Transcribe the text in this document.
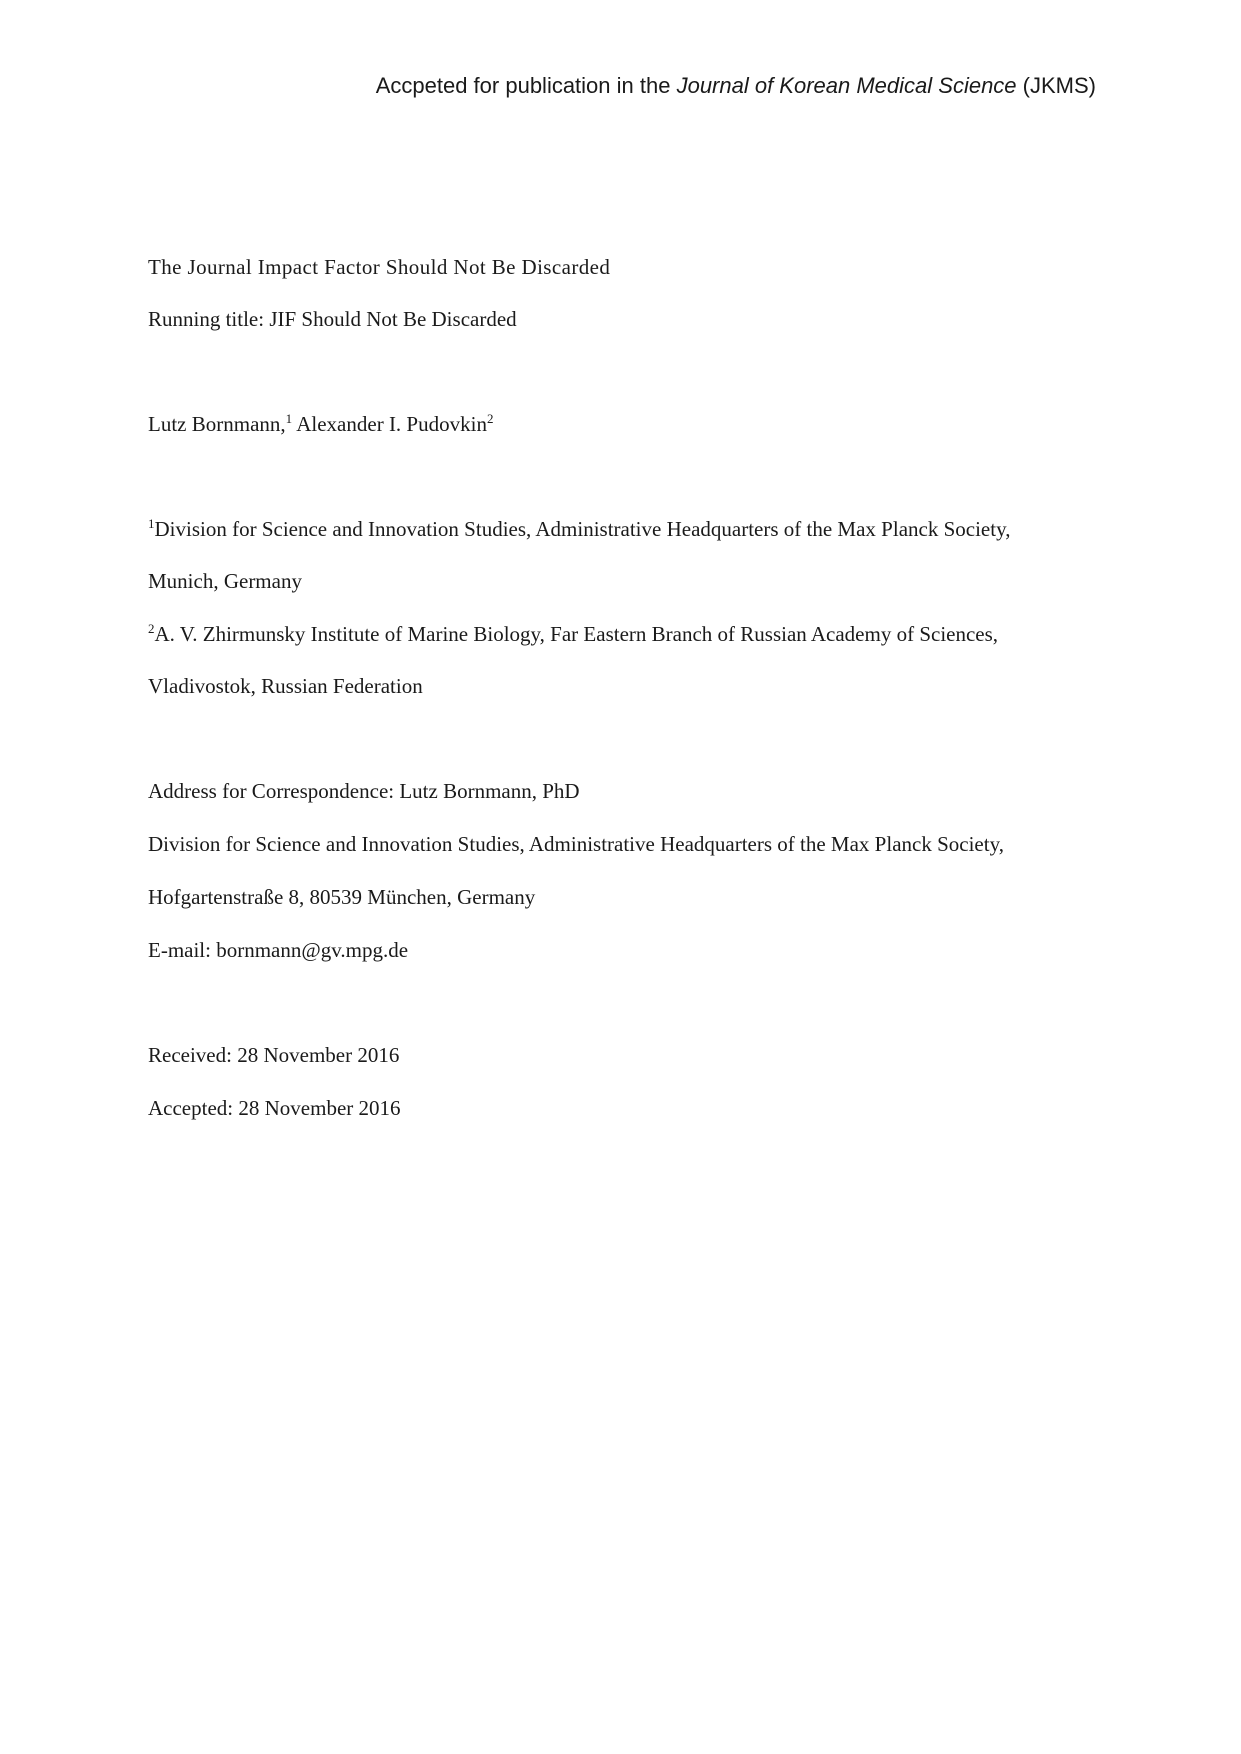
Accpeted for publication in the Journal of Korean Medical Science (JKMS)
The Journal Impact Factor Should Not Be Discarded
Running title: JIF Should Not Be Discarded
Lutz Bornmann,$^1$ Alexander I. Pudovkin$^2$
$^1$Division for Science and Innovation Studies, Administrative Headquarters of the Max Planck Society,
Munich, Germany
$^2$A. V. Zhirmunsky Institute of Marine Biology, Far Eastern Branch of Russian Academy of Sciences,
Vladivostok, Russian Federation
Address for Correspondence: Lutz Bornmann, PhD
Division for Science and Innovation Studies, Administrative Headquarters of the Max Planck Society,
Hofgartenstraße 8, 80539 München, Germany
E-mail: bornmann@gv.mpg.de
Received: 28 November 2016
Accepted: 28 November 2016
